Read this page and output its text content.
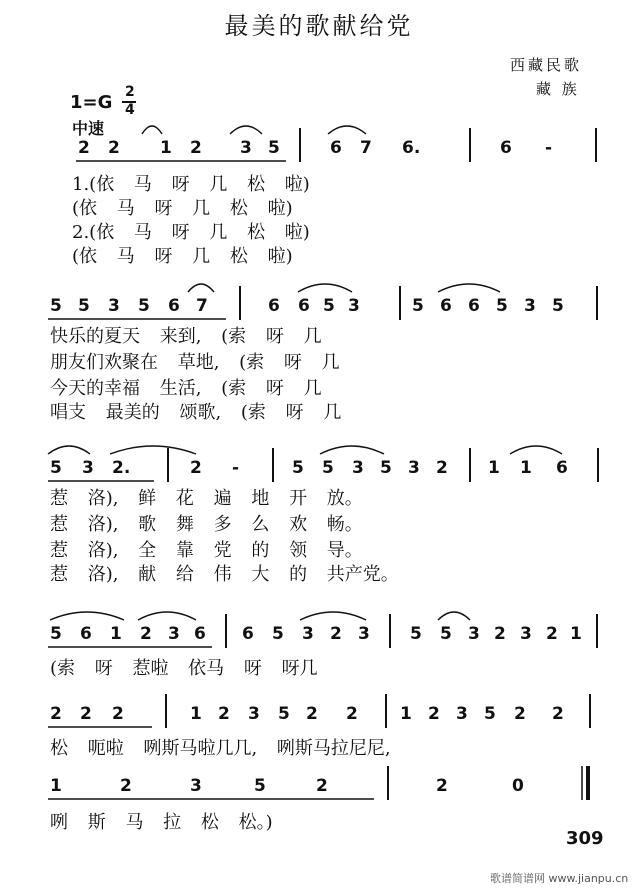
最美的歌献给党
西藏民歌
藏 族
1=G 2
4
中速
2 2 1 2 3 5	6 7 6.	6 -
1.(依 马 呀 几 松 啦)
(依 马 呀 几 松 啦)
2.(依 马 呀 几 松 啦)
(依 马 呀 几 松 啦)
5 5 3 5 6 7	6 6 5 3	5 6 6 5 3 5
快乐的夏天 来到, (索 呀 几
朋友们欢聚在 草地, (索 呀 几
今天的幸福 生活, (索 呀 几
唱支 最美的 颂歌, (索 呀 几
5 3 2.	2 -	5 5 3 5 3 2 1 1 6
惹 洛), 鲜 花 遍 地 开 放。
惹 洛), 歌 舞 多 么 欢 畅。
惹 洛), 全 靠 党 的 领 导。
惹 洛), 献 给 伟 大 的 共产党。
5 6 1 2 3 6 6 5 3 2 3 5 5 3 2 3 2 1
(索 呀 惹啦 依马 呀 呀几
2 2 2	1 2 3 5 2 2 1 2 3 5 2 2
松 呃啦 咧斯马啦几几, 咧斯马拉尼尼,
1	2	3	5	2	2	0
咧 斯 马 拉 松 松。)
309
歌谱简谱网 www.jianpu.cn
